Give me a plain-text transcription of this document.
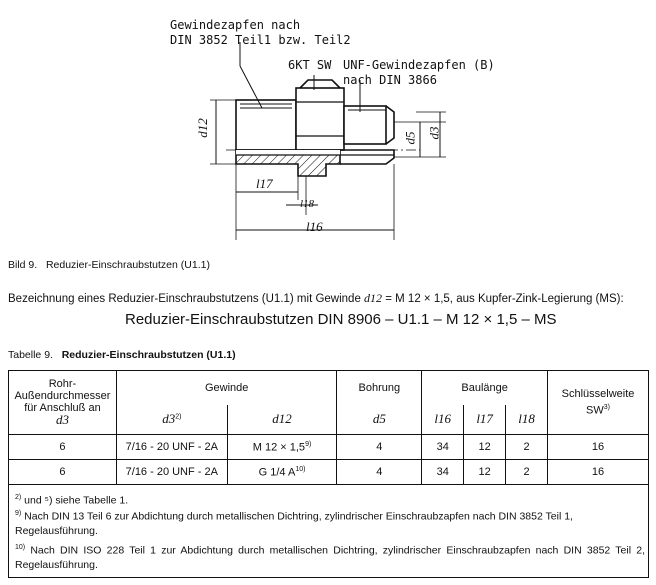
Gewindezapfen nach
DIN 3852 Teil1 bzw. Teil2
6KT SW UNF-Gewindezapfen (B)
nach DIN 3866
d12
d5 d3
l17
l18
l16
Bild 9. Reduzier-Einschraubstutzen (U1.1)
Bezeichnung eines Reduzier-Einschraubstutzens (U1.1) mit Gewinde d12 = M 12 × 1,5, aus Kupfer-Zink-Legierung (MS):
Reduzier-Einschraubstutzen DIN 8906 – U1.1 – M 12 × 1,5 – MS
Tabelle 9. Reduzier-Einschraubstutzen (U1.1)
Rohr-
Außendurchmesser
für Anschluß an
d3	Gewinde		Bohrung	Baulänge			Schlüsselweite
SW$^{3)}$
	d3$^{2)}$	d12	d5	l16	l17	l18	
6	7/16 - 20 UNF - 2A	M $12 \times 1,5^{9)}$	4	34	12	2	16
6	7/16 - 20 UNF - 2A	G 1/4 $A^{10)}$	4	34	12	2	16
$^{2)}$ und ⁵) siehe Tabelle 1.
$^{9)}$ Nach DIN 13 Teil 6 zur Abdichtung durch metallischen Dichtring, zylindrischer Einschraubzapfen nach DIN 3852 Teil 1, Regelausführung.
$^{10)}$ Nach DIN ISO 228 Teil 1 zur Abdichtung durch metallischen Dichtring, zylindrischer Einschraubzapfen nach DIN 3852 Teil 2, Regelausführung.
